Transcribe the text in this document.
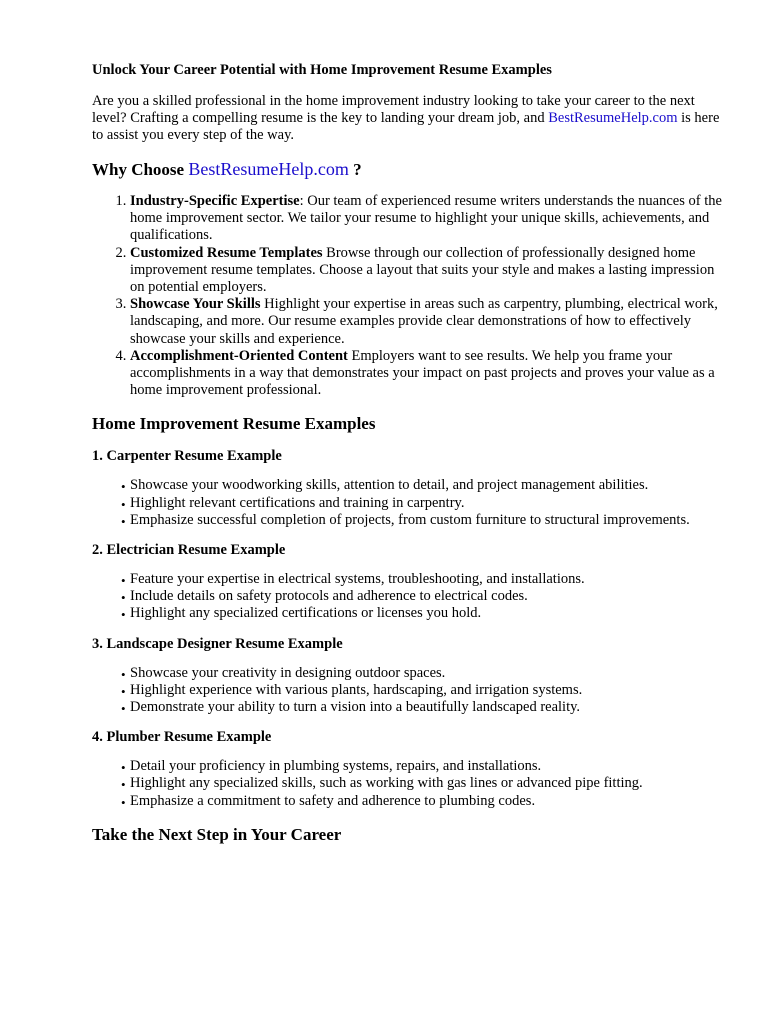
Unlock Your Career Potential with Home Improvement Resume Examples

Are you a skilled professional in the home improvement industry looking to take your career to the next level? Crafting a compelling resume is the key to landing your dream job, and BestResumeHelp.com is here to assist you every step of the way.

Why Choose BestResumeHelp.com ?

1. Industry-Specific Expertise: Our team of experienced resume writers understands the nuances of the home improvement sector. We tailor your resume to highlight your unique skills, achievements, and qualifications.
2. Customized Resume Templates Browse through our collection of professionally designed home improvement resume templates. Choose a layout that suits your style and makes a lasting impression on potential employers.
3. Showcase Your Skills Highlight your expertise in areas such as carpentry, plumbing, electrical work, landscaping, and more. Our resume examples provide clear demonstrations of how to effectively showcase your skills and experience.
4. Accomplishment-Oriented Content Employers want to see results. We help you frame your accomplishments in a way that demonstrates your impact on past projects and proves your value as a home improvement professional.

Home Improvement Resume Examples

1. Carpenter Resume Example

• Showcase your woodworking skills, attention to detail, and project management abilities.
• Highlight relevant certifications and training in carpentry.
• Emphasize successful completion of projects, from custom furniture to structural improvements.

2. Electrician Resume Example

• Feature your expertise in electrical systems, troubleshooting, and installations.
• Include details on safety protocols and adherence to electrical codes.
• Highlight any specialized certifications or licenses you hold.

3. Landscape Designer Resume Example

• Showcase your creativity in designing outdoor spaces.
• Highlight experience with various plants, hardscaping, and irrigation systems.
• Demonstrate your ability to turn a vision into a beautifully landscaped reality.

4. Plumber Resume Example

• Detail your proficiency in plumbing systems, repairs, and installations.
• Highlight any specialized skills, such as working with gas lines or advanced pipe fitting.
• Emphasize a commitment to safety and adherence to plumbing codes.

Take the Next Step in Your Career
